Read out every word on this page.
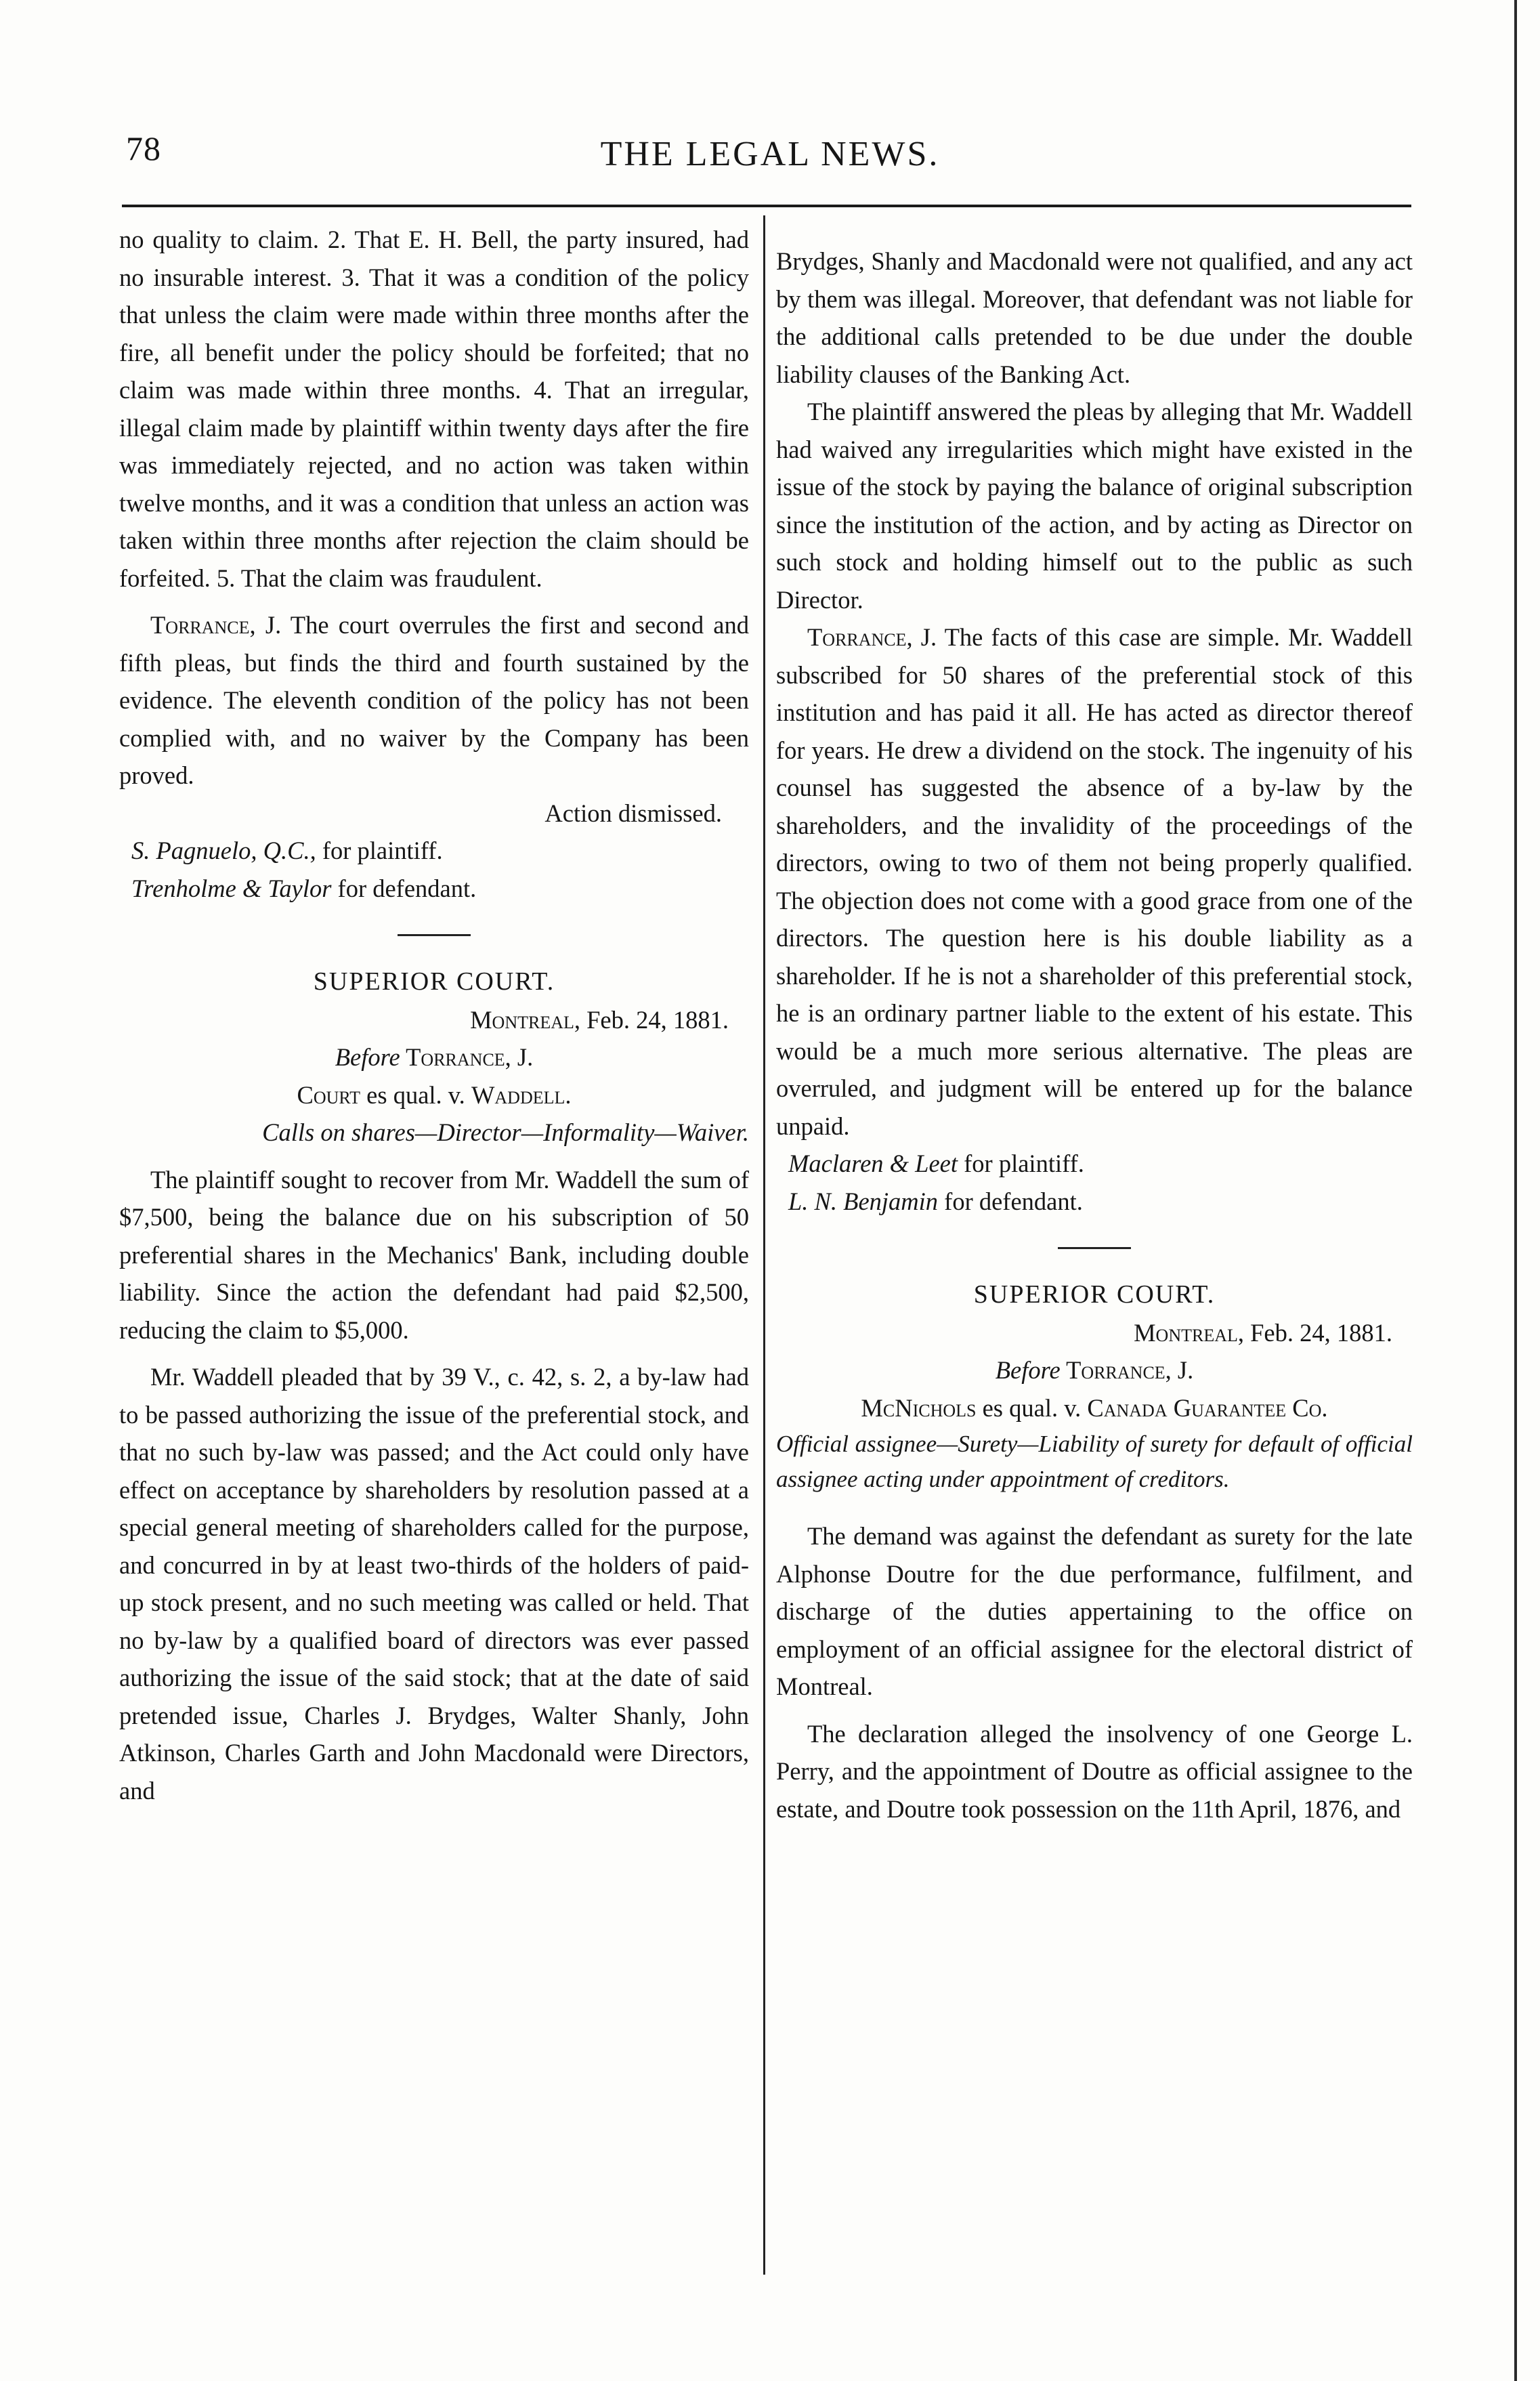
78	THE LEGAL NEWS.

no quality to claim. 2. That E. H. Bell, the party insured, had no insurable interest. 3. That it was a condition of the policy that unless the claim were made within three months after the fire, all benefit under the policy should be forfeited; that no claim was made within three months. 4. That an irregular, illegal claim made by plaintiff within twenty days after the fire was immediately rejected, and no action was taken within twelve months, and it was a condition that unless an action was taken within three months after rejection the claim should be forfeited. 5. That the claim was fraudulent.

Torrance, J. The court overrules the first and second and fifth pleas, but finds the third and fourth sustained by the evidence. The eleventh condition of the policy has not been complied with, and no waiver by the Company has been proved.

Action dismissed.

S. Pagnuelo, Q.C., for plaintiff.

Trenholme & Taylor for defendant.

SUPERIOR COURT.

Montreal, Feb. 24, 1881.

Before Torrance, J.

Court es qual. v. Waddell.

Calls on shares—Director—Informality—Waiver.

The plaintiff sought to recover from Mr. Waddell the sum of $7,500, being the balance due on his subscription of 50 preferential shares in the Mechanics' Bank, including double liability. Since the action the defendant had paid $2,500, reducing the claim to $5,000.

Mr. Waddell pleaded that by 39 V., c. 42, s. 2, a by-law had to be passed authorizing the issue of the preferential stock, and that no such by-law was passed; and the Act could only have effect on acceptance by shareholders by resolution passed at a special general meeting of shareholders called for the purpose, and concurred in by at least two-thirds of the holders of paid-up stock present, and no such meeting was called or held. That no by-law by a qualified board of directors was ever passed authorizing the issue of the said stock; that at the date of said pretended issue, Charles J. Brydges, Walter Shanly, John Atkinson, Charles Garth and John Macdonald were Directors, and

Brydges, Shanly and Macdonald were not qualified, and any act by them was illegal. Moreover, that defendant was not liable for the additional calls pretended to be due under the double liability clauses of the Banking Act.

The plaintiff answered the pleas by alleging that Mr. Waddell had waived any irregularities which might have existed in the issue of the stock by paying the balance of original subscription since the institution of the action, and by acting as Director on such stock and holding himself out to the public as such Director.

Torrance, J. The facts of this case are simple. Mr. Waddell subscribed for 50 shares of the preferential stock of this institution and has paid it all. He has acted as director thereof for years. He drew a dividend on the stock. The ingenuity of his counsel has suggested the absence of a by-law by the shareholders, and the invalidity of the proceedings of the directors, owing to two of them not being properly qualified. The objection does not come with a good grace from one of the directors. The question here is his double liability as a shareholder. If he is not a shareholder of this preferential stock, he is an ordinary partner liable to the extent of his estate. This would be a much more serious alternative. The pleas are overruled, and judgment will be entered up for the balance unpaid.

Maclaren & Leet for plaintiff.

L. N. Benjamin for defendant.

SUPERIOR COURT.

Montreal, Feb. 24, 1881.

Before Torrance, J.

McNichols es qual. v. Canada Guarantee Co.

Official assignee—Surety—Liability of surety for default of official assignee acting under appointment of creditors.

The demand was against the defendant as surety for the late Alphonse Doutre for the due performance, fulfilment, and discharge of the duties appertaining to the office on employment of an official assignee for the electoral district of Montreal.

The declaration alleged the insolvency of one George L. Perry, and the appointment of Doutre as official assignee to the estate, and Doutre took possession on the 11th April, 1876, and
